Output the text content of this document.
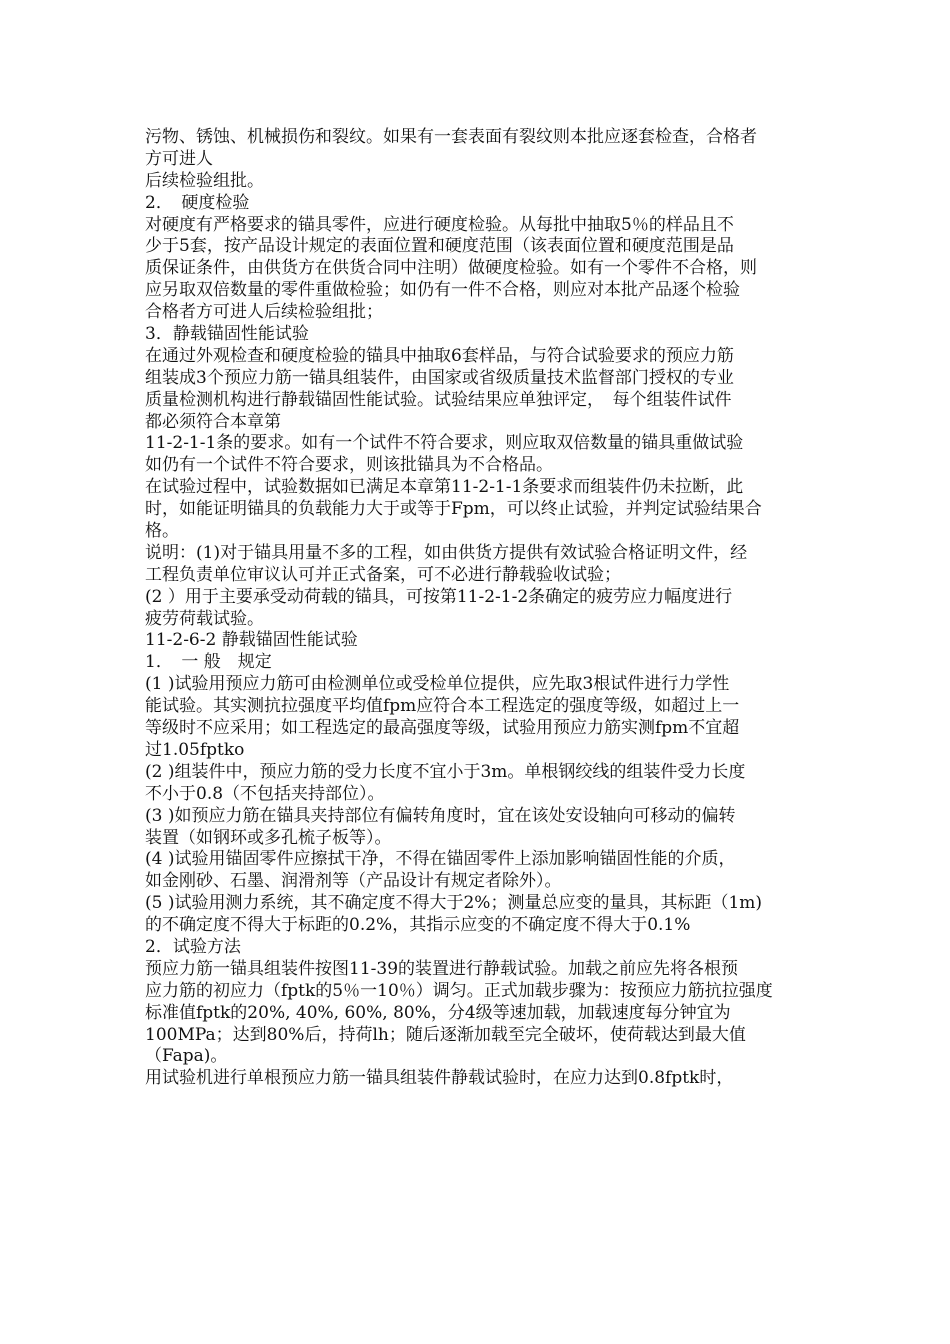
污物、锈蚀、机械损伤和裂纹。如果有一套表面有裂纹则本批应逐套检查，合格者
方可进人
后续检验组批。
2．　硬度检验
对硬度有严格要求的锚具零件，应进行硬度检验。从每批中抽取5％的样品且不
少于5套，按产品设计规定的表面位置和硬度范围（该表面位置和硬度范围是品
质保证条件，由供货方在供货合同中注明）做硬度检验。如有一个零件不合格，则
应另取双倍数量的零件重做检验；如仍有一件不合格，则应对本批产品逐个检验
合格者方可进人后续检验组批；
3．静载锚固性能试验
在通过外观检查和硬度检验的锚具中抽取6套样品，与符合试验要求的预应力筋
组装成3个预应力筋一锚具组装件，由国家或省级质量技术监督部门授权的专业
质量检测机构进行静载锚固性能试验。试验结果应单独评定，　每个组装件试件
都必须符合本章第
11-2-1-1条的要求。如有一个试件不符合要求，则应取双倍数量的锚具重做试验
如仍有一个试件不符合要求，则该批锚具为不合格品。
在试验过程中，试验数据如已满足本章第11-2-1-1条要求而组装件仍未拉断，此
时，如能证明锚具的负载能力大于或等于Fpm，可以终止试验，并判定试验结果合
格。
说明：(1)对于锚具用量不多的工程，如由供货方提供有效试验合格证明文件，经
工程负责单位审议认可并正式备案，可不必进行静载验收试验；
(2 ）用于主要承受动荷载的锚具，可按第11-2-1-2条确定的疲劳应力幅度进行
疲劳荷载试验。
11-2-6-2 静载锚固性能试验
1．　一 般　规定
(1 )试验用预应力筋可由检测单位或受检单位提供，应先取3根试件进行力学性
能试验。其实测抗拉强度平均值fpm应符合本工程选定的强度等级，如超过上一
等级时不应采用；如工程选定的最高强度等级，试验用预应力筋实测fpm不宜超
过1.05fptko
(2 )组装件中，预应力筋的受力长度不宜小于3m。单根钢绞线的组装件受力长度
不小于0.8（不包括夹持部位）。
(3 )如预应力筋在锚具夹持部位有偏转角度时，宜在该处安设轴向可移动的偏转
装置（如钢环或多孔梳子板等）。
(4 )试验用锚固零件应擦拭干净，不得在锚固零件上添加影响锚固性能的介质，
如金刚砂、石墨、润滑剂等（产品设计有规定者除外）。
(5 )试验用测力系统，其不确定度不得大于2%；测量总应变的量具，其标距（1m)
的不确定度不得大于标距的0.2%，其指示应变的不确定度不得大于0.1%
2．试验方法
预应力筋一锚具组装件按图11-39的装置进行静载试验。加载之前应先将各根预
应力筋的初应力（fptk的5％一10％）调匀。正式加载步骤为：按预应力筋抗拉强度
标准值fptk的20%, 40%, 60%, 80%，分4级等速加载，加载速度每分钟宜为
100MPa；达到80%后，持荷lh；随后逐渐加载至完全破坏，使荷载达到最大值
（Fapa)。
用试验机进行单根预应力筋一锚具组装件静载试验时，在应力达到0.8fptk时，
